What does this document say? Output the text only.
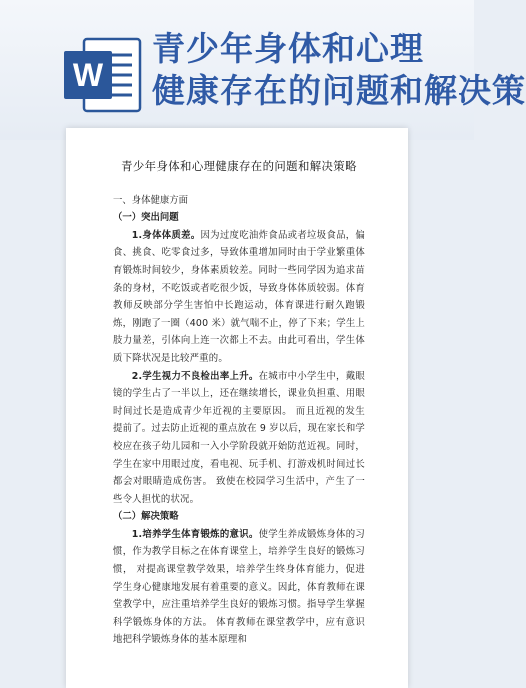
W
青少年身体和心理
健康存在的问题和解决策
青少年身体和心理健康存在的问题和解决策略
一、身体健康方面
（一）突出问题

1.身体体质差。因为过度吃油炸食品或者垃圾食品，偏食、挑食、吃零食过多，导致体重增加同时由于学业繁重体育锻炼时间较少，身体素质较差。同时一些同学因为追求苗条的身材，不吃饭或者吃很少饭，导致身体体质较弱。体育教师反映部分学生害怕中长跑运动，体育课进行耐久跑锻炼，刚跑了一圈（400 米）就气喘不止，停了下来；学生上肢力量差，引体向上连一次都上不去。由此可看出，学生体质下降状况是比较严重的。

2.学生视力不良检出率上升。在城市中小学生中，戴眼镜的学生占了一半以上，还在继续增长，课业负担重、用眼时间过长是造成青少年近视的主要原因。 而且近视的发生提前了。过去防止近视的重点放在 9 岁以后，现在家长和学校应在孩子幼儿园和一入小学阶段就开始防范近视。同时，学生在家中用眼过度，看电视、玩手机、打游戏机时间过长都会对眼睛造成伤害。 致使在校园学习生活中，产生了一些令人担忧的状况。

（二）解决策略

1.培养学生体育锻炼的意识。使学生养成锻炼身体的习惯，作为教学目标之在体育课堂上，培养学生良好的锻炼习惯， 对提高课堂教学效果，培养学生终身体育能力，促进学生身心健康地发展有着重要的意义。因此，体育教师在课堂教学中，应注重培养学生良好的锻炼习惯。指导学生掌握科学锻炼身体的方法。 体育教师在课堂教学中，应有意识地把科学锻炼身体的基本原理和
